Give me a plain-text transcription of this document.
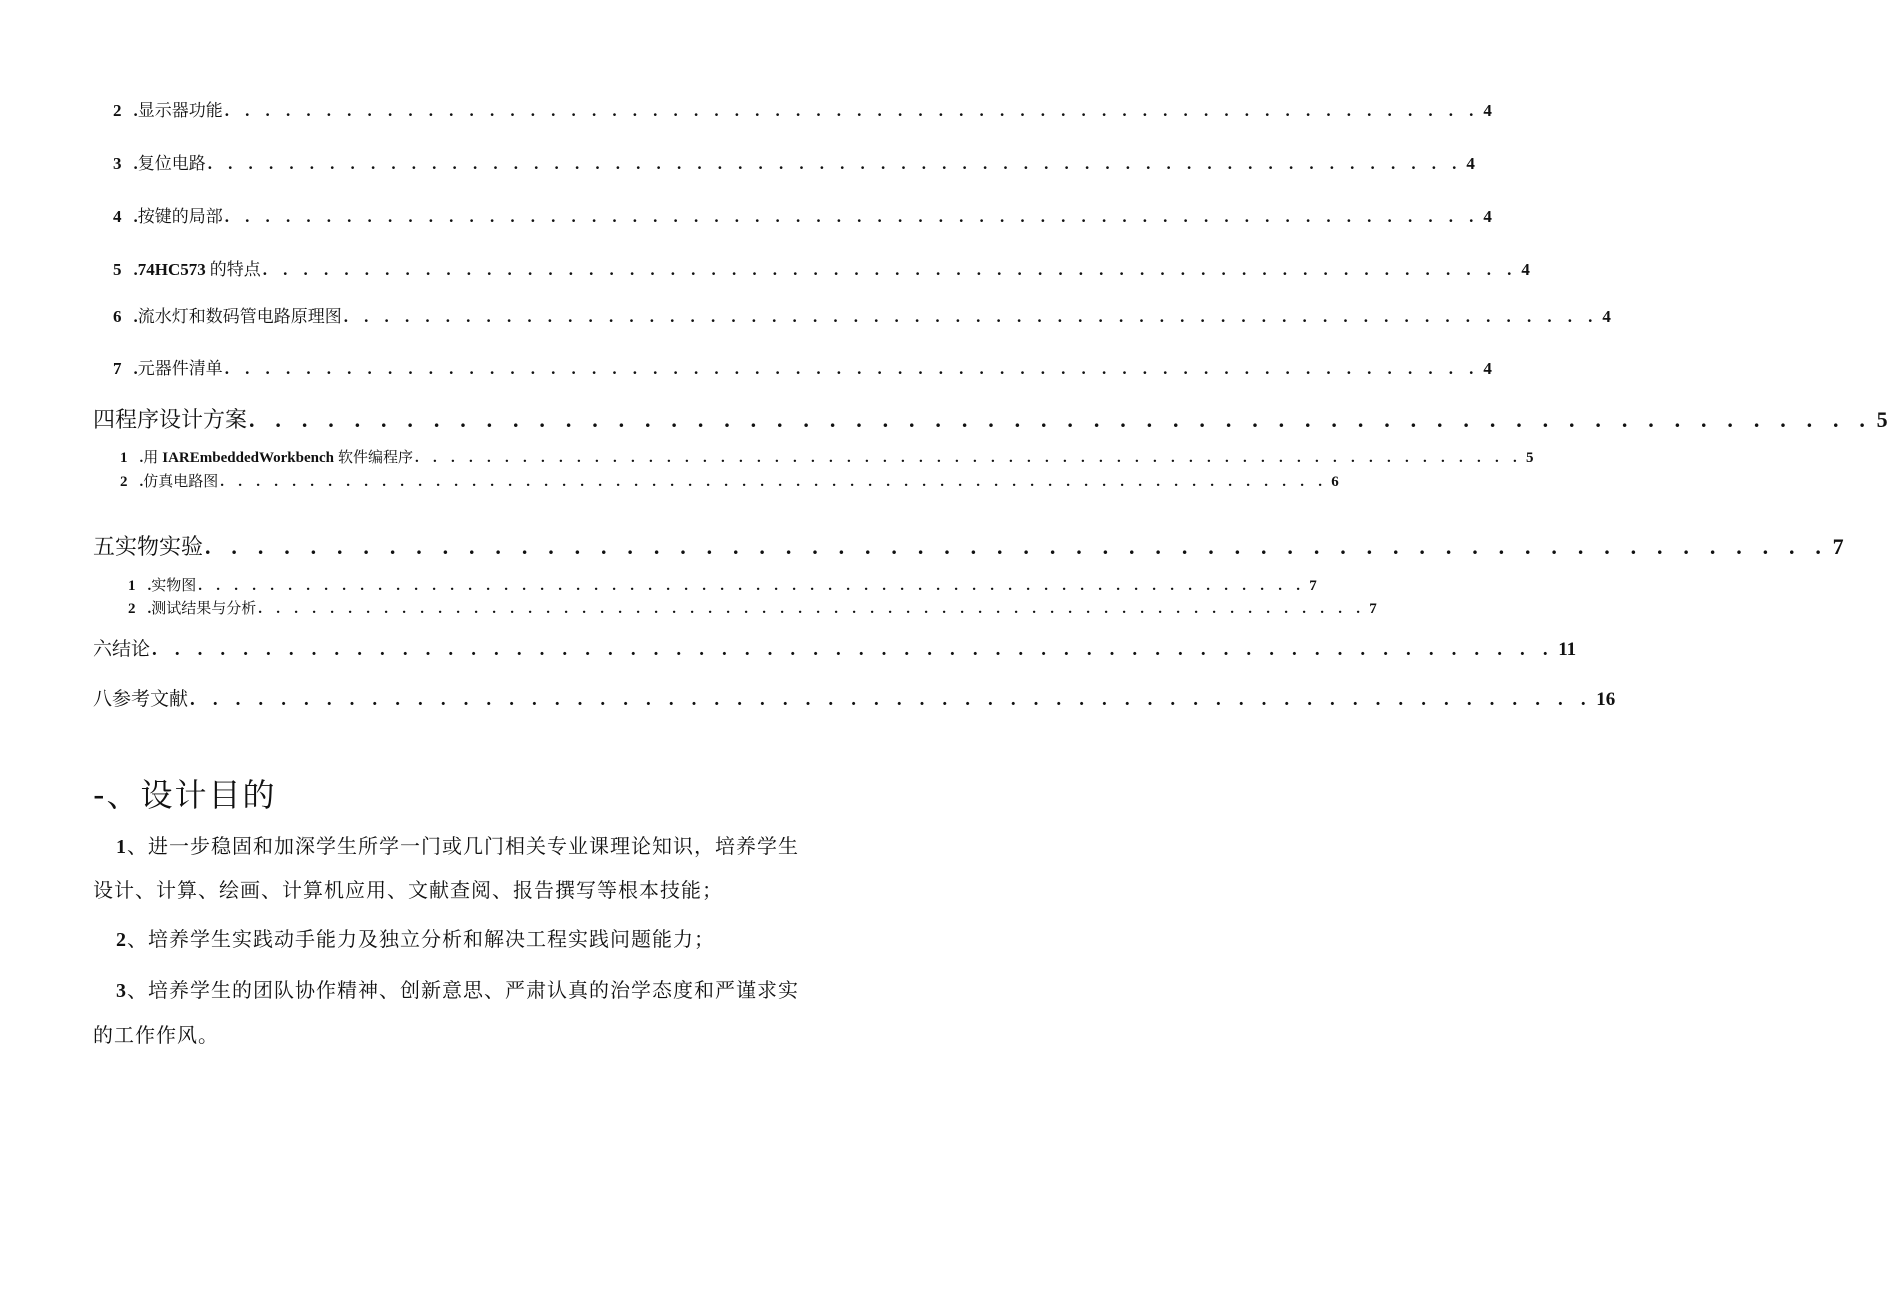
2 . 显示器功能 . . . . . . . . . . . . . . . . . . . . . . . . . . . . . . . . . . . . . . . . . . . . . . . . . . . . . . . . . . . . . . 4
3 . 复位电路 . . . . . . . . . . . . . . . . . . . . . . . . . . . . . . . . . . . . . . . . . . . . . . . . . . . . . . . . . . . . . . 4
4 . 按键的局部 . . . . . . . . . . . . . . . . . . . . . . . . . . . . . . . . . . . . . . . . . . . . . . . . . . . . . . . . . . . . . . 4
5 . 74HC573 的特点 . . . . . . . . . . . . . . . . . . . . . . . . . . . . . . . . . . . . . . . . . . . . . . . . . . . . . . . . . . . . . . 4
6 . 流水灯和数码管电路原理图 . . . . . . . . . . . . . . . . . . . . . . . . . . . . . . . . . . . . . . . . . . . . . . . . . . . . . . . . . . . . . . 4
7 . 元器件清单 . . . . . . . . . . . . . . . . . . . . . . . . . . . . . . . . . . . . . . . . . . . . . . . . . . . . . . . . . . . . . . 4
四程序设计方案 . . . . . . . . . . . . . . . . . . . . . . . . . . . . . . . . . . . . . . . . . . . . . . . . . . . . . . . . . . . . . . 5
1 . 用 IAREmbeddedWorkbench 软件编程序 . . . . . . . . . . . . . . . . . . . . . . . . . . . . . . . . . . . . . . . . . . . . . . . . . . . . . . . . . . . . . . 5
2 . 仿真电路图 . . . . . . . . . . . . . . . . . . . . . . . . . . . . . . . . . . . . . . . . . . . . . . . . . . . . . . . . . . . . . . 6
五实物实验 . . . . . . . . . . . . . . . . . . . . . . . . . . . . . . . . . . . . . . . . . . . . . . . . . . . . . . . . . . . . . . 7
1 . 实物图 . . . . . . . . . . . . . . . . . . . . . . . . . . . . . . . . . . . . . . . . . . . . . . . . . . . . . . . . . . . . . . 7
2 . 测试结果与分析 . . . . . . . . . . . . . . . . . . . . . . . . . . . . . . . . . . . . . . . . . . . . . . . . . . . . . . . . . . . . . . 7
六结论 . . . . . . . . . . . . . . . . . . . . . . . . . . . . . . . . . . . . . . . . . . . . . . . . . . . . . . . . . . . . . . 11
八参考文献 . . . . . . . . . . . . . . . . . . . . . . . . . . . . . . . . . . . . . . . . . . . . . . . . . . . . . . . . . . . . . . 16
-、设计目的

1、进一步稳固和加深学生所学一门或几门相关专业课理论知识，培养学生

设计、计算、绘画、计算机应用、文献查阅、报告撰写等根本技能；

2、培养学生实践动手能力及独立分析和解决工程实践问题能力；

3、培养学生的团队协作精神、创新意思、严肃认真的治学态度和严谨求实

的工作作风。
